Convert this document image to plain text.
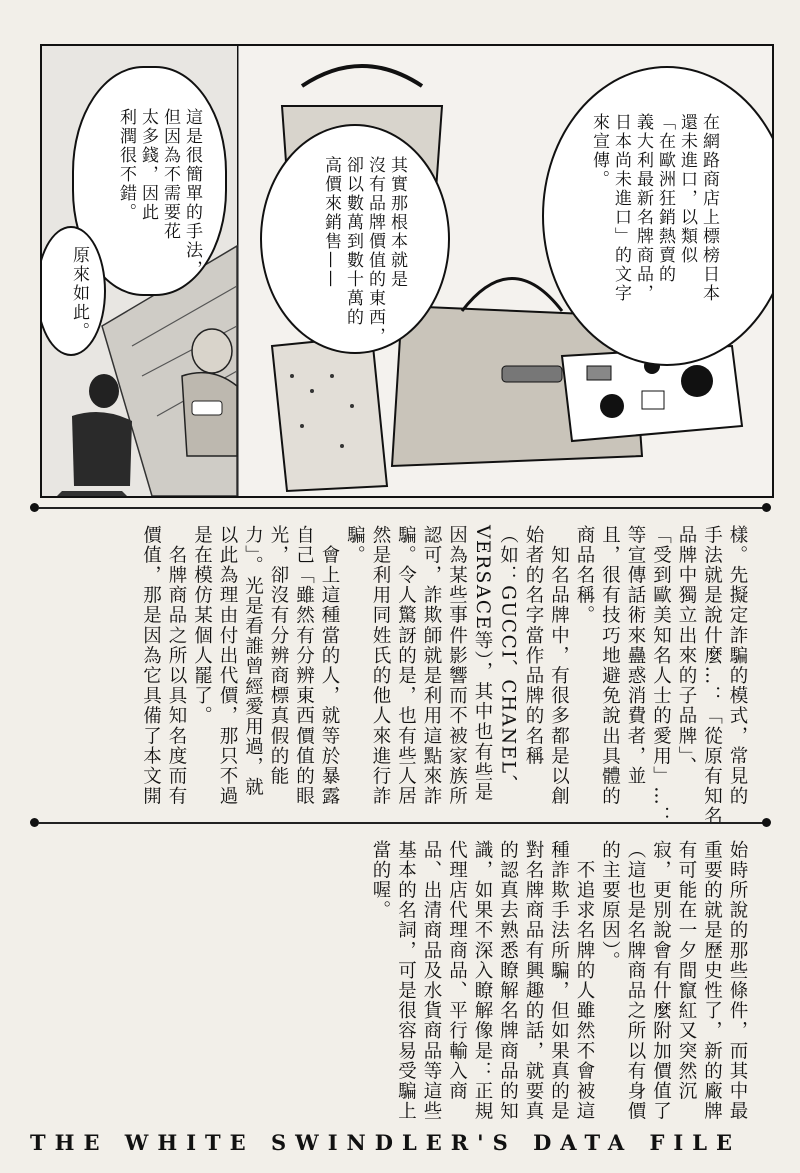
在網路商店上標榜日本
還未進口，以類似
「在歐洲狂銷熱賣的
義大利最新名牌商品，
日本尚未進口」的文字
來宣傳。
其實那根本就是
沒有品牌價值的東西，
卻以數萬到數十萬的
高價來銷售——
這是很簡單的手法，
但因為不需要花
太多錢，因此
利潤很不錯。
原來如此。

樣。先擬定詐騙的模式，常見的

手法就是說什麼…：「從原有知名

品牌中獨立出來的子品牌」、

「受到歐美知名人士的愛用」…：

等宣傳話術來蠱惑消費者，並

且，很有技巧地避免說出具體的

商品名稱。

　知名品牌中，有很多都是以創

始者的名字當作品牌的名稱

（如：GUCCI、CHANEL、

VERSACE等），其中也有些是

因為某些事件影響而不被家族所

認可，詐欺師就是利用這點來詐

騙。令人驚訝的是，也有些人居

然是利用同姓氏的他人來進行詐

騙。

　會上這種當的人，就等於暴露

自己「雖然有分辨東西價值的眼

光，卻沒有分辨商標真假的能

力」。光是看誰曾經愛用過，就

以此為理由付出代價，那只不過

是在模仿某個人罷了。

　名牌商品之所以具知名度而有

價值，那是因為它具備了本文開

始時所說的那些條件，而其中最

重要的就是歷史性了，新的廠牌

有可能在一夕間竄紅又突然沉

寂，更別說會有什麼附加價值了

（這也是名牌商品之所以有身價

的主要原因）。

　不追求名牌的人雖然不會被這

種詐欺手法所騙，但如果真的是

對名牌商品有興趣的話，就要真

的認真去熟悉瞭解名牌商品的知

識，如果不深入瞭解像是：正規

代理店代理商品、平行輸入商

品、出清商品及水貨商品等這些

基本的名詞，可是很容易受騙上

當的喔。

THE WHITE SWINDLER'S DATA FILE
